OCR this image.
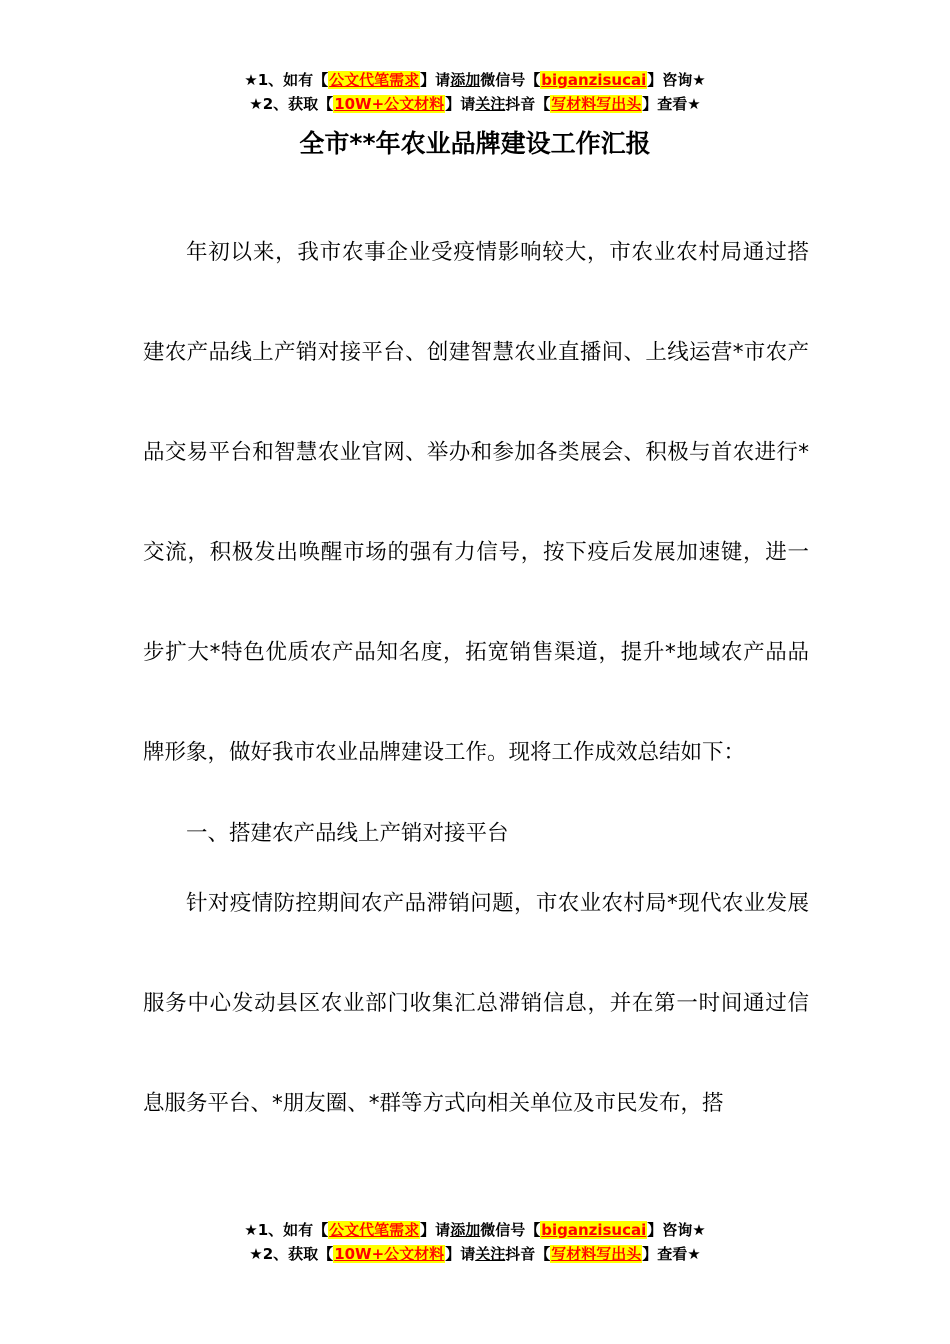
★1、如有【公文代笔需求】请添加微信号【biganzisucai】咨询★
★2、获取【10W+公文材料】请关注抖音【写材料写出头】查看★
全市**年农业品牌建设工作汇报

年初以来，我市农事企业受疫情影响较大，市农业农村局通过搭建农产品线上产销对接平台、创建智慧农业直播间、上线运营*市农产品交易平台和智慧农业官网、举办和参加各类展会、积极与首农进行*交流，积极发出唤醒市场的强有力信号，按下疫后发展加速键，进一步扩大*特色优质农产品知名度，拓宽销售渠道，提升*地域农产品品牌形象，做好我市农业品牌建设工作。现将工作成效总结如下：

一、搭建农产品线上产销对接平台

针对疫情防控期间农产品滞销问题，市农业农村局*现代农业发展服务中心发动县区农业部门收集汇总滞销信息，并在第一时间通过信息服务平台、*朋友圈、*群等方式向相关单位及市民发布，搭

★1、如有【公文代笔需求】请添加微信号【biganzisucai】咨询★
★2、获取【10W+公文材料】请关注抖音【写材料写出头】查看★
